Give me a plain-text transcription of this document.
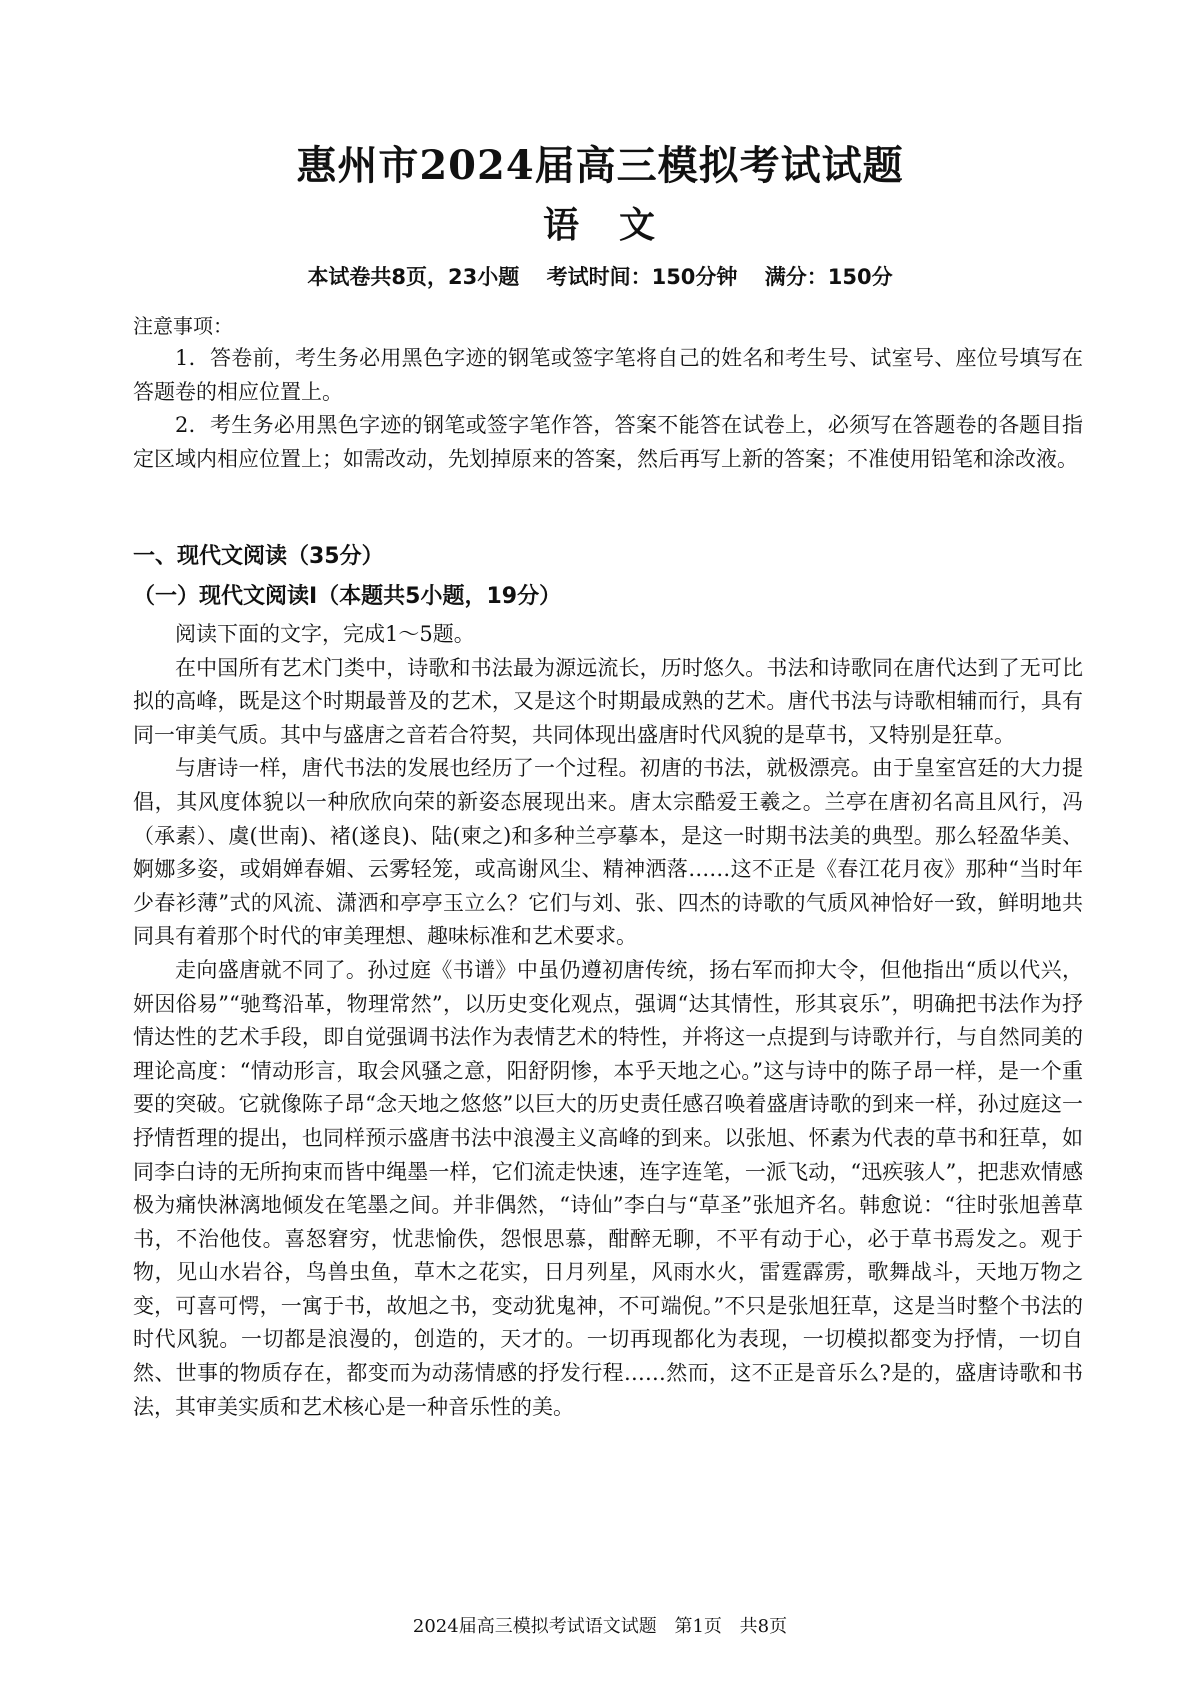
惠州市2024届高三模拟考试试题
语　文
本试卷共8页，23小题 考试时间：150分钟 满分：150分
注意事项：

1．答卷前，考生务必用黑色字迹的钢笔或签字笔将自己的姓名和考生号、试室号、座位号填写在答题卷的相应位置上。

2．考生务必用黑色字迹的钢笔或签字笔作答，答案不能答在试卷上，必须写在答题卷的各题目指定区域内相应位置上；如需改动，先划掉原来的答案，然后再写上新的答案；不准使用铅笔和涂改液。

一、现代文阅读（35分）
（一）现代文阅读Ⅰ（本题共5小题，19分）

阅读下面的文字，完成1～5题。

在中国所有艺术门类中，诗歌和书法最为源远流长，历时悠久。书法和诗歌同在唐代达到了无可比拟的高峰，既是这个时期最普及的艺术，又是这个时期最成熟的艺术。唐代书法与诗歌相辅而行，具有同一审美气质。其中与盛唐之音若合符契，共同体现出盛唐时代风貌的是草书，又特别是狂草。

与唐诗一样，唐代书法的发展也经历了一个过程。初唐的书法，就极漂亮。由于皇室宫廷的大力提倡，其风度体貌以一种欣欣向荣的新姿态展现出来。唐太宗酷爱王羲之。兰亭在唐初名高且风行，冯（承素）、虞(世南)、褚(遂良)、陆(柬之)和多种兰亭摹本，是这一时期书法美的典型。那么轻盈华美、婀娜多姿，或娟婵春媚、云雾轻笼，或高谢风尘、精神洒落……这不正是《春江花月夜》那种“当时年少春衫薄”式的风流、潇洒和亭亭玉立么？它们与刘、张、四杰的诗歌的气质风神恰好一致，鲜明地共同具有着那个时代的审美理想、趣味标准和艺术要求。

走向盛唐就不同了。孙过庭《书谱》中虽仍遵初唐传统，扬右军而抑大令，但他指出“质以代兴，妍因俗易”“驰骛沿革，物理常然”，以历史变化观点，强调“达其情性，形其哀乐”，明确把书法作为抒情达性的艺术手段，即自觉强调书法作为表情艺术的特性，并将这一点提到与诗歌并行，与自然同美的理论高度：“情动形言，取会风骚之意，阳舒阴惨，本乎天地之心。”这与诗中的陈子昂一样，是一个重要的突破。它就像陈子昂“念天地之悠悠”以巨大的历史责任感召唤着盛唐诗歌的到来一样，孙过庭这一抒情哲理的提出，也同样预示盛唐书法中浪漫主义高峰的到来。以张旭、怀素为代表的草书和狂草，如同李白诗的无所拘束而皆中绳墨一样，它们流走快速，连字连笔，一派飞动，“迅疾骇人”，把悲欢情感极为痛快淋漓地倾发在笔墨之间。并非偶然，“诗仙”李白与“草圣”张旭齐名。韩愈说：“往时张旭善草书，不治他伎。喜怒窘穷，忧悲愉佚，怨恨思慕，酣醉无聊，不平有动于心，必于草书焉发之。观于物，见山水岩谷，鸟兽虫鱼，草木之花实，日月列星，风雨水火，雷霆霹雳，歌舞战斗，天地万物之变，可喜可愕，一寓于书，故旭之书，变动犹鬼神，不可端倪。”不只是张旭狂草，这是当时整个书法的时代风貌。一切都是浪漫的，创造的，天才的。一切再现都化为表现，一切模拟都变为抒情，一切自然、世事的物质存在，都变而为动荡情感的抒发行程……然而，这不正是音乐么?是的，盛唐诗歌和书法，其审美实质和艺术核心是一种音乐性的美。

2024届高三模拟考试语文试题 第1页 共8页
